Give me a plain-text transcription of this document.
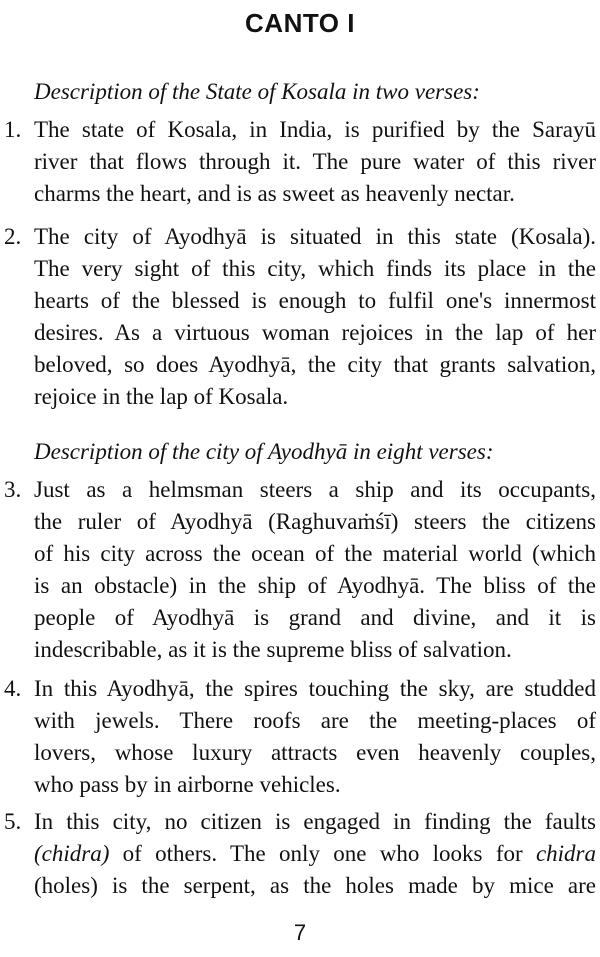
CANTO I
Description of the State of Kosala in two verses:
1. The state of Kosala, in India, is purified by the Sarayū
river that flows through it. The pure water of this river
charms the heart, and is as sweet as heavenly nectar.
2. The city of Ayodhyā is situated in this state (Kosala).
The very sight of this city, which finds its place in the
hearts of the blessed is enough to fulfil one's innermost
desires. As a virtuous woman rejoices in the lap of her
beloved, so does Ayodhyā, the city that grants salvation,
rejoice in the lap of Kosala.
Description of the city of Ayodhyā in eight verses:
3. Just as a helmsman steers a ship and its occupants,
the ruler of Ayodhyā (Raghuvaṁśī) steers the citizens
of his city across the ocean of the material world (which
is an obstacle) in the ship of Ayodhyā. The bliss of the
people of Ayodhyā is grand and divine, and it is
indescribable, as it is the supreme bliss of salvation.
4. In this Ayodhyā, the spires touching the sky, are studded
with jewels. There roofs are the meeting-places of
lovers, whose luxury attracts even heavenly couples,
who pass by in airborne vehicles.
5. In this city, no citizen is engaged in finding the faults
(chidra) of others. The only one who looks for chidra
(holes) is the serpent, as the holes made by mice are
7
